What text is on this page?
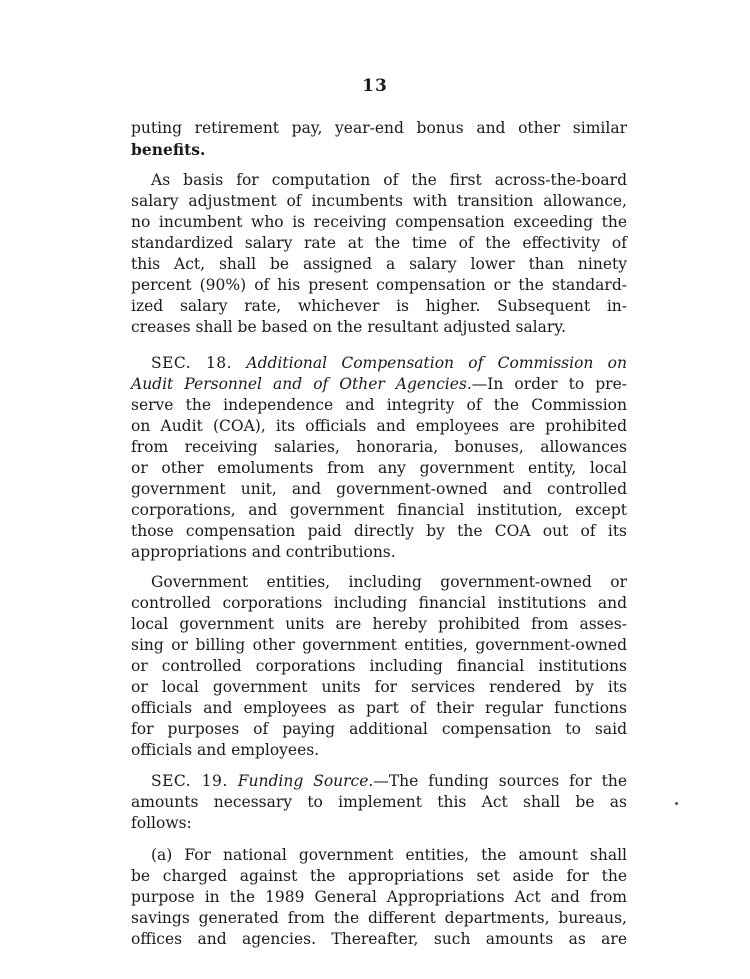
13
puting retirement pay, year-end bonus and other similar
benefits.
As basis for computation of the first across-the-board
salary adjustment of incumbents with transition allowance,
no incumbent who is receiving compensation exceeding the
standardized salary rate at the time of the effectivity of
this Act, shall be assigned a salary lower than ninety
percent (90%) of his present compensation or the standard-
ized salary rate, whichever is higher. Subsequent in-
creases shall be based on the resultant adjusted salary.
SEC. 18. Additional Compensation of Commission on
Audit Personnel and of Other Agencies.—In order to pre-
serve the independence and integrity of the Commission
on Audit (COA), its officials and employees are prohibited
from receiving salaries, honoraria, bonuses, allowances
or other emoluments from any government entity, local
government unit, and government-owned and controlled
corporations, and government financial institution, except
those compensation paid directly by the COA out of its
appropriations and contributions.
Government entities, including government-owned or
controlled corporations including financial institutions and
local government units are hereby prohibited from asses-
sing or billing other government entities, government-owned
or controlled corporations including financial institutions
or local government units for services rendered by its
officials and employees as part of their regular functions
for purposes of paying additional compensation to said
officials and employees.
SEC. 19. Funding Source.—The funding sources for the
amounts necessary to implement this Act shall be as
follows:
(a) For national government entities, the amount shall
be charged against the appropriations set aside for the
purpose in the 1989 General Appropriations Act and from
savings generated from the different departments, bureaus,
offices and agencies. Thereafter, such amounts as are
